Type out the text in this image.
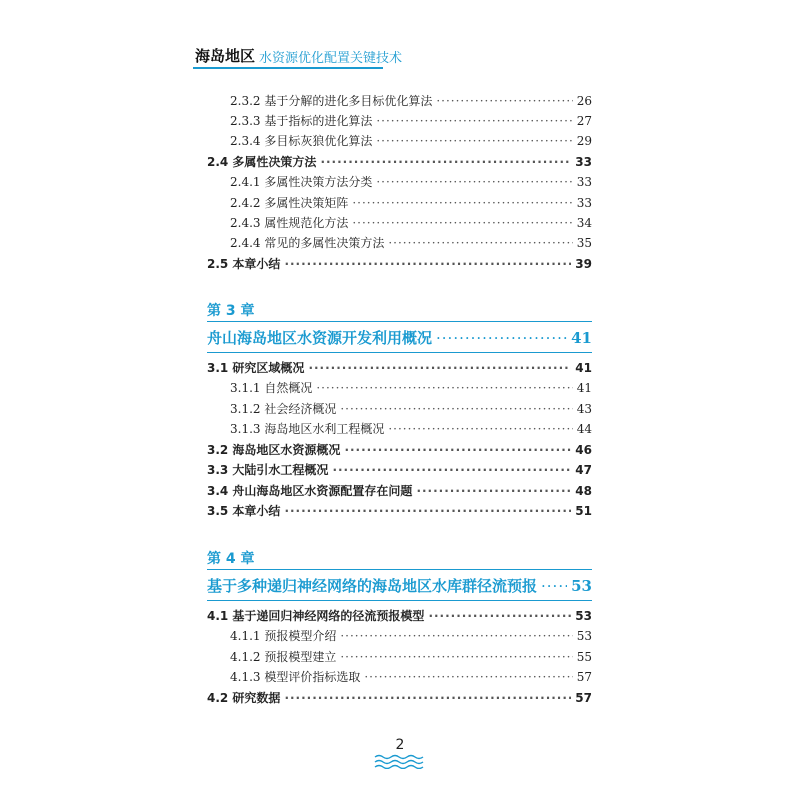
海岛地区 水资源优化配置关键技术
2.3.2 基于分解的进化多目标优化算法 ·····	26
2.3.3 基于指标的进化算法 ·····	27
2.3.4 多目标灰狼优化算法 ·····	29
2.4 多属性决策方法 ·····	33
2.4.1 多属性决策方法分类 ·····	33
2.4.2 多属性决策矩阵 ·····	33
2.4.3 属性规范化方法 ·····	34
2.4.4 常见的多属性决策方法 ·····	35
2.5 本章小结 ·····	39
第 3 章
舟山海岛地区水资源开发利用概况 ·····	41
3.1 研究区域概况 ·····	41
3.1.1 自然概况 ·····	41
3.1.2 社会经济概况 ·····	43
3.1.3 海岛地区水利工程概况 ·····	44
3.2 海岛地区水资源概况 ·····	46
3.3 大陆引水工程概况 ·····	47
3.4 舟山海岛地区水资源配置存在问题 ·····	48
3.5 本章小结 ·····	51
第 4 章
基于多种递归神经网络的海岛地区水库群径流预报 ····· 53
4.1 基于递回归神经网络的径流预报模型 ·····	53
4.1.1 预报模型介绍 ·····	53
4.1.2 预报模型建立 ·····	55
4.1.3 模型评价指标选取 ·····	57
4.2 研究数据 ·····	57
2
